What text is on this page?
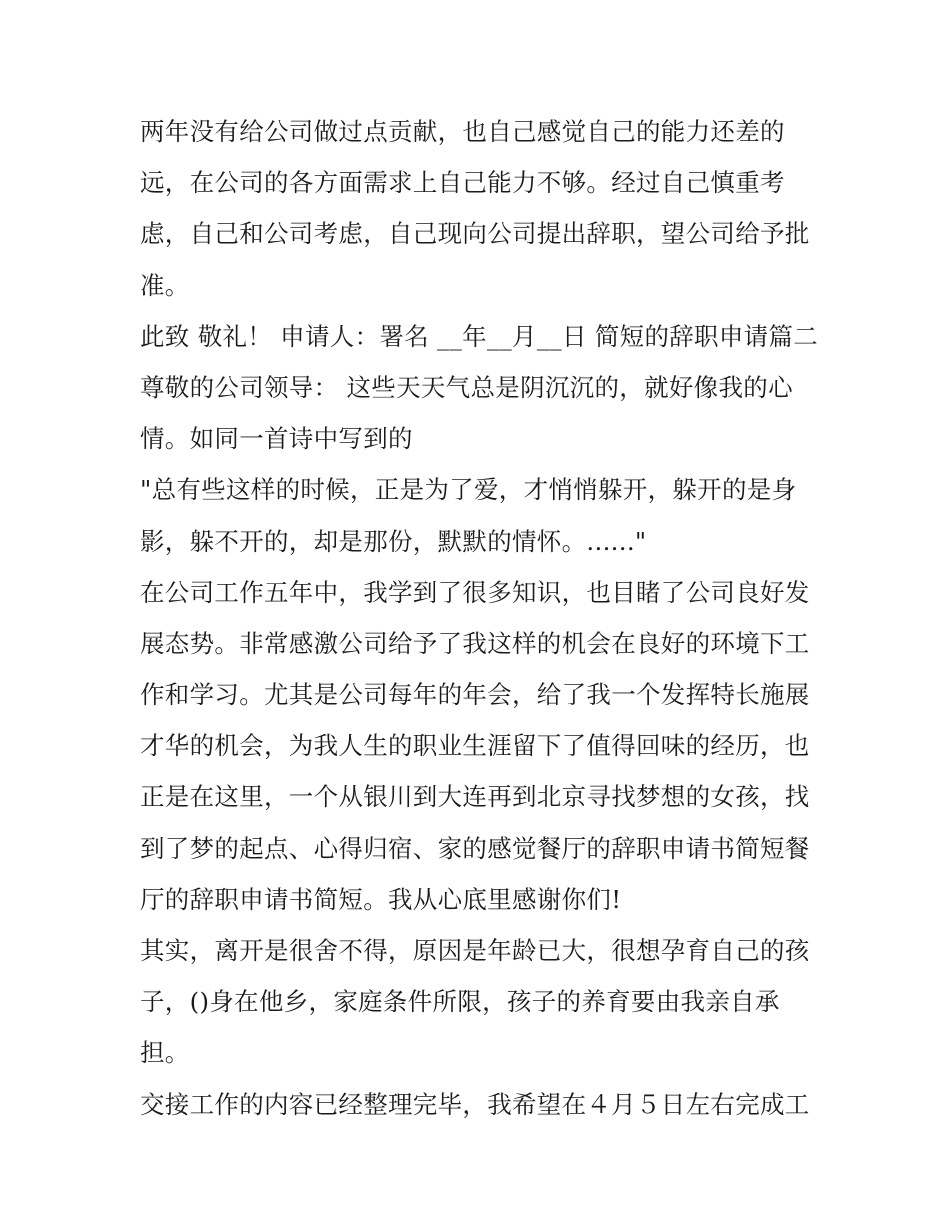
两年没有给公司做过点贡献，也自己感觉自己的能力还差的
远，在公司的各方面需求上自己能力不够。经过自己慎重考
虑，自己和公司考虑，自己现向公司提出辞职，望公司给予批
准。
此致 敬礼！ 申请人：署名 __年__月__日 简短的辞职申请篇二
尊敬的公司领导： 这些天天气总是阴沉沉的，就好像我的心
情。如同一首诗中写到的
"总有些这样的时候，正是为了爱，才悄悄躲开，躲开的是身
影，躲不开的，却是那份，默默的情怀。......"
在公司工作五年中，我学到了很多知识，也目睹了公司良好发
展态势。非常感激公司给予了我这样的机会在良好的环境下工
作和学习。尤其是公司每年的年会，给了我一个发挥特长施展
才华的机会，为我人生的职业生涯留下了值得回味的经历，也
正是在这里，一个从银川到大连再到北京寻找梦想的女孩，找
到了梦的起点、心得归宿、家的感觉餐厅的辞职申请书简短餐
厅的辞职申请书简短。我从心底里感谢你们!
其实，离开是很舍不得，原因是年龄已大，很想孕育自己的孩
子，()身在他乡，家庭条件所限，孩子的养育要由我亲自承
担。
交接工作的内容已经整理完毕，我希望在４月５日左右完成工
